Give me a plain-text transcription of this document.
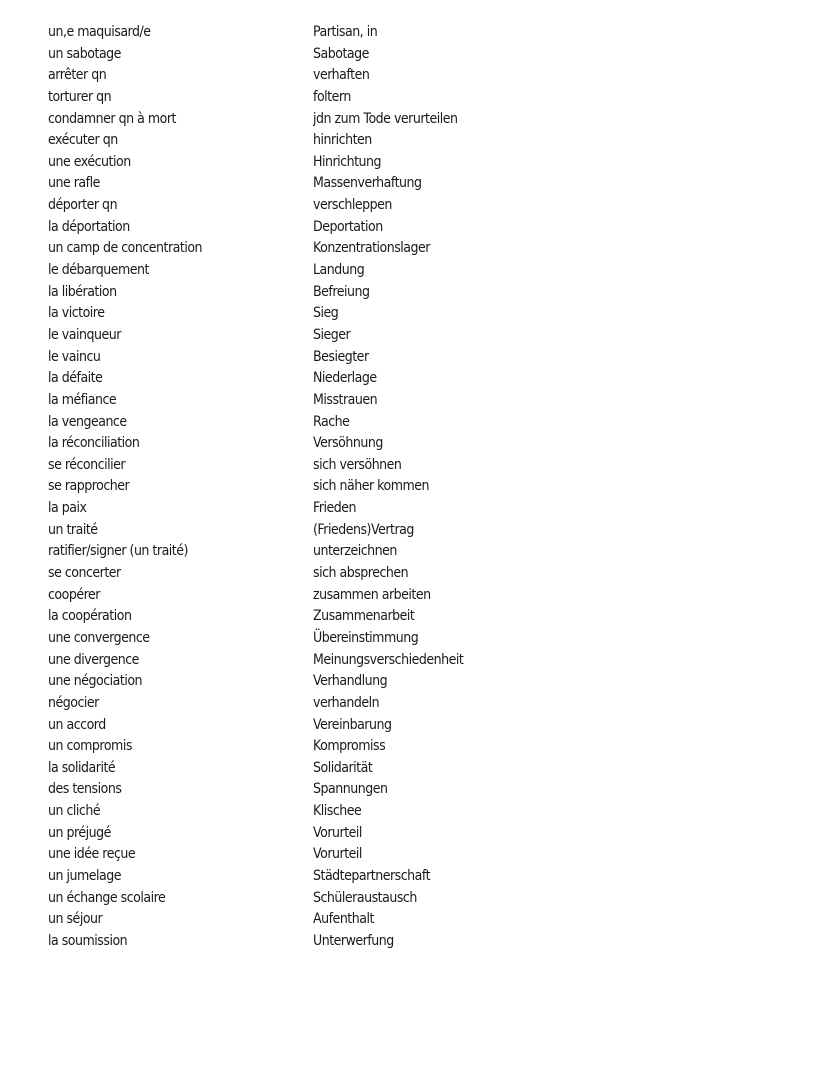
un,e maquisard/e	Partisan, in
un sabotage	Sabotage
arrêter qn	verhaften
torturer qn	foltern
condamner qn à mort	jdn zum Tode verurteilen
exécuter qn	hinrichten
une exécution	Hinrichtung
une rafle	Massenverhaftung
déporter qn	verschleppen
la déportation	Deportation
un camp de concentration	Konzentrationslager
le débarquement	Landung
la libération	Befreiung
la victoire	Sieg
le vainqueur	Sieger
le vaincu	Besiegter
la défaite	Niederlage
la méfiance	Misstrauen
la vengeance	Rache
la réconciliation	Versöhnung
se réconcilier	sich versöhnen
se rapprocher	sich näher kommen
la paix	Frieden
un traité	(Friedens)Vertrag
ratifier/signer (un traité)	unterzeichnen
se concerter	sich absprechen
coopérer	zusammen arbeiten
la coopération	Zusammenarbeit
une convergence	Übereinstimmung
une divergence	Meinungsverschiedenheit
une négociation	Verhandlung
négocier	verhandeln
un accord	Vereinbarung
un compromis	Kompromiss
la solidarité	Solidarität
des tensions	Spannungen
un cliché	Klischee
un préjugé	Vorurteil
une idée reçue	Vorurteil
un jumelage	Städtepartnerschaft
un échange scolaire	Schüleraustausch
un séjour	Aufenthalt
la soumission	Unterwerfung
